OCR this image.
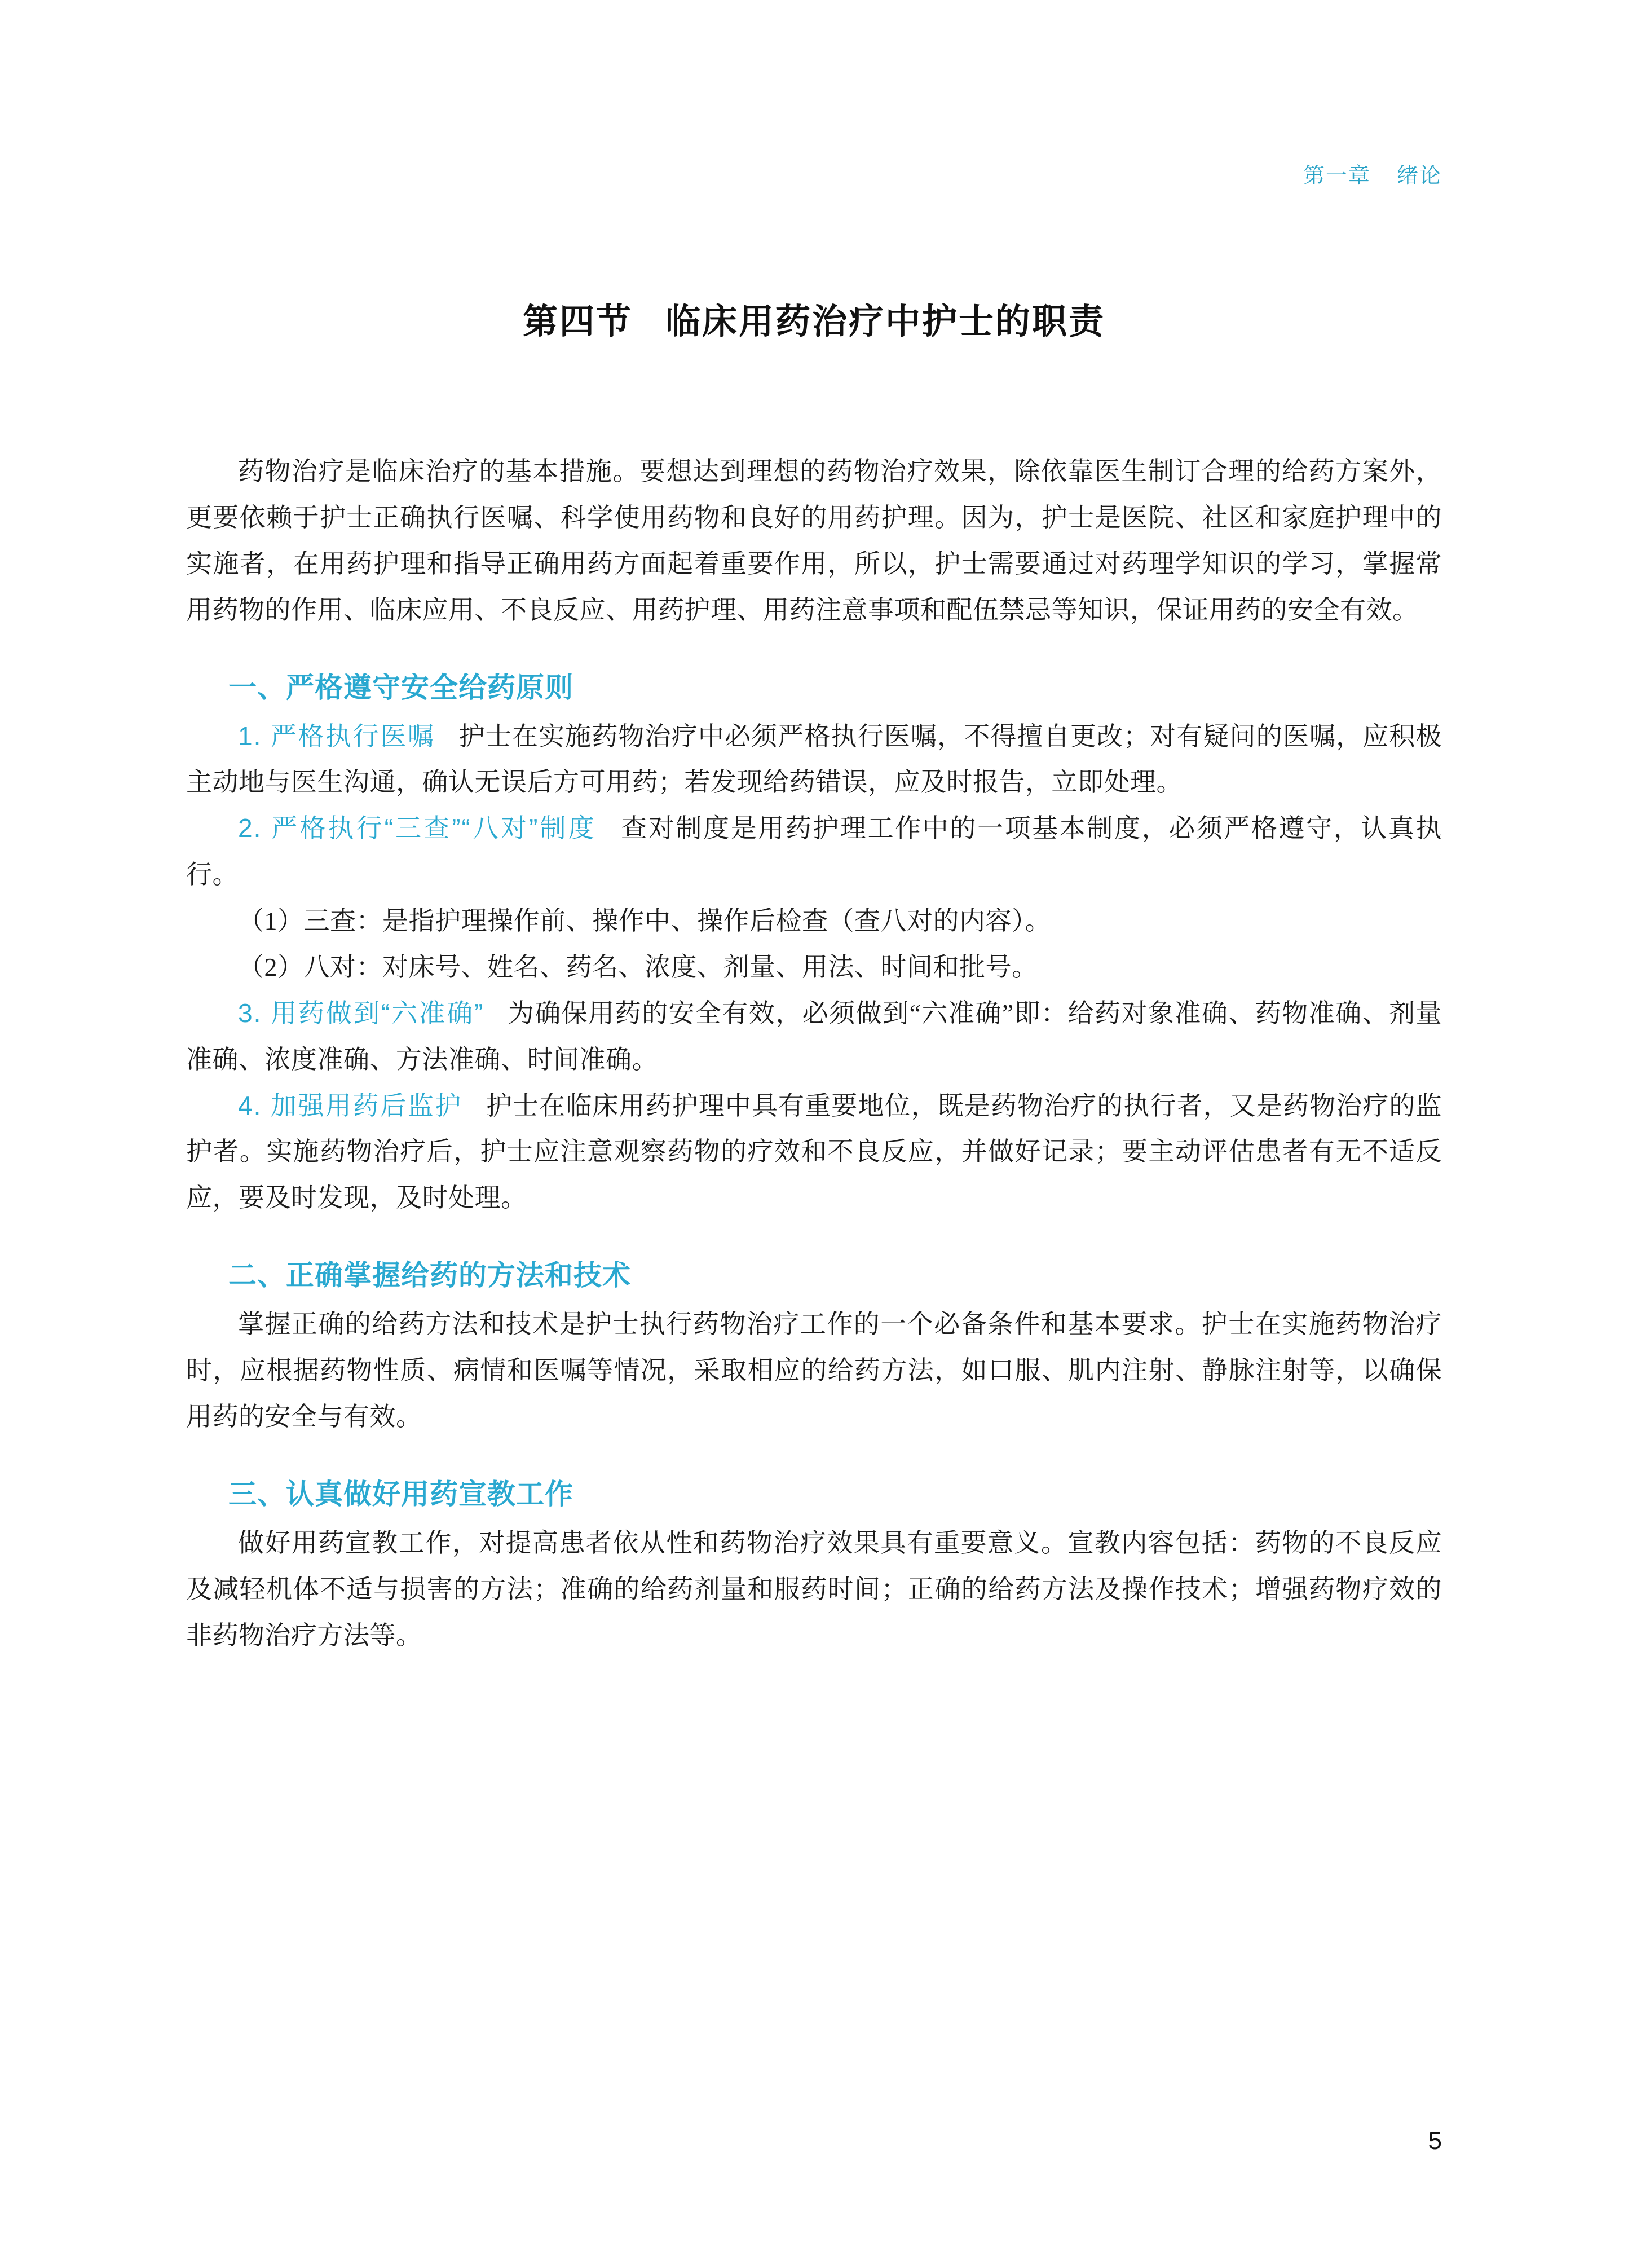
第一章 绪论
第四节 临床用药治疗中护士的职责

药物治疗是临床治疗的基本措施。要想达到理想的药物治疗效果，除依靠医生制订合理的给药方案外，更要依赖于护士正确执行医嘱、科学使用药物和良好的用药护理。因为，护士是医院、社区和家庭护理中的实施者，在用药护理和指导正确用药方面起着重要作用，所以，护士需要通过对药理学知识的学习，掌握常用药物的作用、临床应用、不良反应、用药护理、用药注意事项和配伍禁忌等知识，保证用药的安全有效。

一、严格遵守安全给药原则

1. 严格执行医嘱 护士在实施药物治疗中必须严格执行医嘱，不得擅自更改；对有疑问的医嘱，应积极主动地与医生沟通，确认无误后方可用药；若发现给药错误，应及时报告，立即处理。

2. 严格执行“三查”“八对”制度 查对制度是用药护理工作中的一项基本制度，必须严格遵守，认真执行。

（1）三查：是指护理操作前、操作中、操作后检查（查八对的内容）。

（2）八对：对床号、姓名、药名、浓度、剂量、用法、时间和批号。

3. 用药做到“六准确” 为确保用药的安全有效，必须做到“六准确”即：给药对象准确、药物准确、剂量准确、浓度准确、方法准确、时间准确。

4. 加强用药后监护 护士在临床用药护理中具有重要地位，既是药物治疗的执行者，又是药物治疗的监护者。实施药物治疗后，护士应注意观察药物的疗效和不良反应，并做好记录；要主动评估患者有无不适反应，要及时发现，及时处理。

二、正确掌握给药的方法和技术

掌握正确的给药方法和技术是护士执行药物治疗工作的一个必备条件和基本要求。护士在实施药物治疗时，应根据药物性质、病情和医嘱等情况，采取相应的给药方法，如口服、肌内注射、静脉注射等，以确保用药的安全与有效。

三、认真做好用药宣教工作

做好用药宣教工作，对提高患者依从性和药物治疗效果具有重要意义。宣教内容包括：药物的不良反应及减轻机体不适与损害的方法；准确的给药剂量和服药时间；正确的给药方法及操作技术；增强药物疗效的非药物治疗方法等。

5
